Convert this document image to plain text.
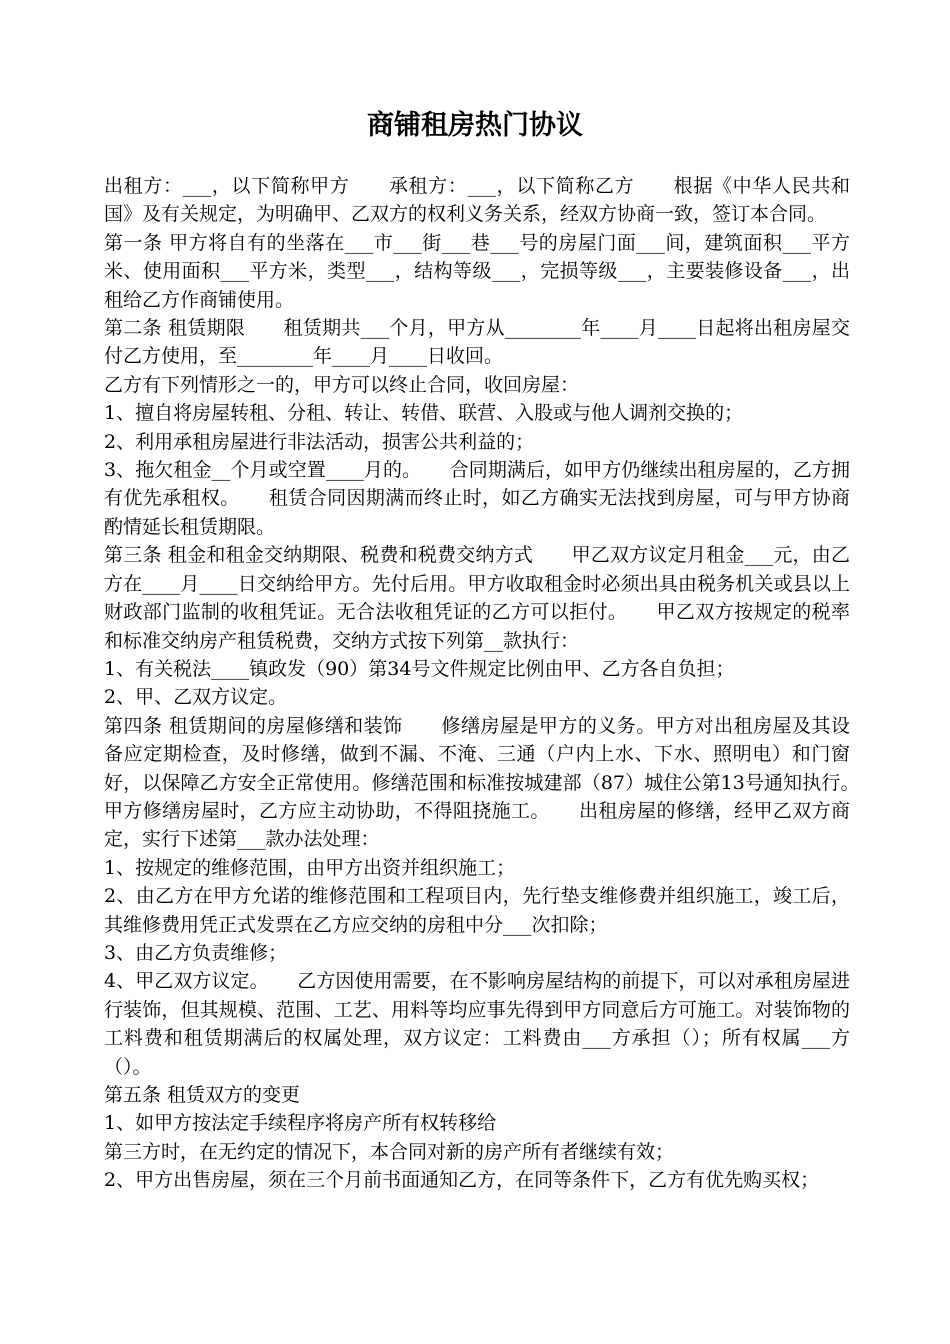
商铺租房热门协议

出租方：___，以下简称甲方　　承租方：___，以下简称乙方　　根据《中华人民共和国》及有关规定，为明确甲、乙双方的权利义务关系，经双方协商一致，签订本合同。

第一条 甲方将自有的坐落在___市___街___巷___号的房屋门面___间，建筑面积___平方米、使用面积___平方米，类型___，结构等级___，完损等级___，主要装修设备___，出租给乙方作商铺使用。

第二条 租赁期限　　租赁期共___个月，甲方从________年____月____日起将出租房屋交付乙方使用，至________年____月____日收回。

乙方有下列情形之一的，甲方可以终止合同，收回房屋：

1、擅自将房屋转租、分租、转让、转借、联营、入股或与他人调剂交换的；

2、利用承租房屋进行非法活动，损害公共利益的；

3、拖欠租金__个月或空置____月的。　　合同期满后，如甲方仍继续出租房屋的，乙方拥有优先承租权。　　租赁合同因期满而终止时，如乙方确实无法找到房屋，可与甲方协商酌情延长租赁期限。

第三条 租金和租金交纳期限、税费和税费交纳方式　　甲乙双方议定月租金___元，由乙方在____月____日交纳给甲方。先付后用。甲方收取租金时必须出具由税务机关或县以上财政部门监制的收租凭证。无合法收租凭证的乙方可以拒付。　　甲乙双方按规定的税率和标准交纳房产租赁税费，交纳方式按下列第__款执行：

1、有关税法____镇政发（90）第34号文件规定比例由甲、乙方各自负担；

2、甲、乙双方议定。

第四条 租赁期间的房屋修缮和装饰　　修缮房屋是甲方的义务。甲方对出租房屋及其设备应定期检查，及时修缮，做到不漏、不淹、三通（户内上水、下水、照明电）和门窗好，以保障乙方安全正常使用。修缮范围和标准按城建部（87）城住公第13号通知执行。　　甲方修缮房屋时，乙方应主动协助，不得阻挠施工。　　出租房屋的修缮，经甲乙双方商定，实行下述第___款办法处理：

1、按规定的维修范围，由甲方出资并组织施工；

2、由乙方在甲方允诺的维修范围和工程项目内，先行垫支维修费并组织施工，竣工后，其维修费用凭正式发票在乙方应交纳的房租中分___次扣除；

3、由乙方负责维修；

4、甲乙双方议定。　　乙方因使用需要，在不影响房屋结构的前提下，可以对承租房屋进行装饰，但其规模、范围、工艺、用料等均应事先得到甲方同意后方可施工。对装饰物的工料费和租赁期满后的权属处理，双方议定：工料费由___方承担（）；所有权属___方（）。

第五条 租赁双方的变更

1、如甲方按法定手续程序将房产所有权转移给

第三方时，在无约定的情况下，本合同对新的房产所有者继续有效；

2、甲方出售房屋，须在三个月前书面通知乙方，在同等条件下，乙方有优先购买权；
